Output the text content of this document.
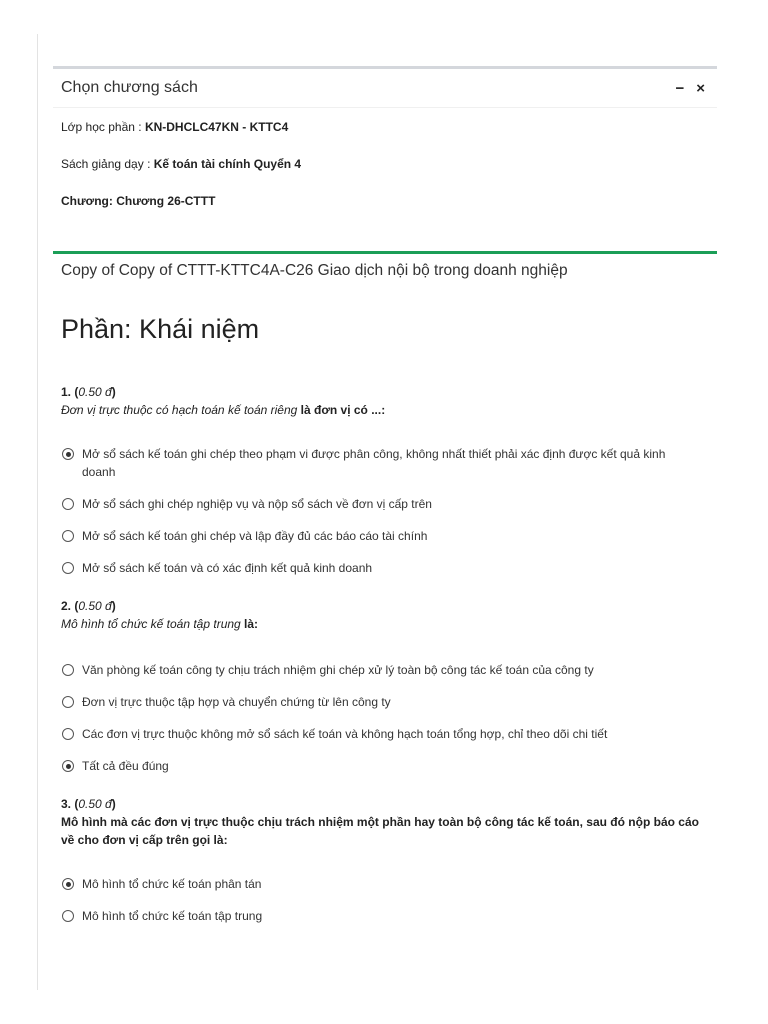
Chọn chương sách	− ×
Lớp học phần : KN-DHCLC47KN - KTTC4
Sách giảng dạy : Kế toán tài chính Quyển 4
Chương: Chương 26-CTTT
Copy of Copy of CTTT-KTTC4A-C26 Giao dịch nội bộ trong doanh nghiệp
Phần: Khái niệm
1. (0.50 đ)
Đơn vị trực thuộc có hạch toán kế toán riêng là đơn vị có ...:
Mở sổ sách kế toán ghi chép theo phạm vi được phân công, không nhất thiết phải xác định được kết quả kinh doanh
Mở sổ sách ghi chép nghiệp vụ và nộp sổ sách về đơn vị cấp trên
Mở sổ sách kế toán ghi chép và lập đầy đủ các báo cáo tài chính
Mở sổ sách kế toán và có xác định kết quả kinh doanh
2. (0.50 đ)
Mô hình tổ chức kế toán tập trung là:
Văn phòng kế toán công ty chịu trách nhiệm ghi chép xử lý toàn bộ công tác kế toán của công ty
Đơn vị trực thuộc tập hợp và chuyển chứng từ lên công ty
Các đơn vị trực thuộc không mở sổ sách kế toán và không hạch toán tổng hợp, chỉ theo dõi chi tiết
Tất cả đều đúng
3. (0.50 đ)
Mô hình mà các đơn vị trực thuộc chịu trách nhiệm một phần hay toàn bộ công tác kế toán, sau đó nộp báo cáo về cho đơn vị cấp trên gọi là:
Mô hình tổ chức kế toán phân tán
Mô hình tổ chức kế toán tập trung
